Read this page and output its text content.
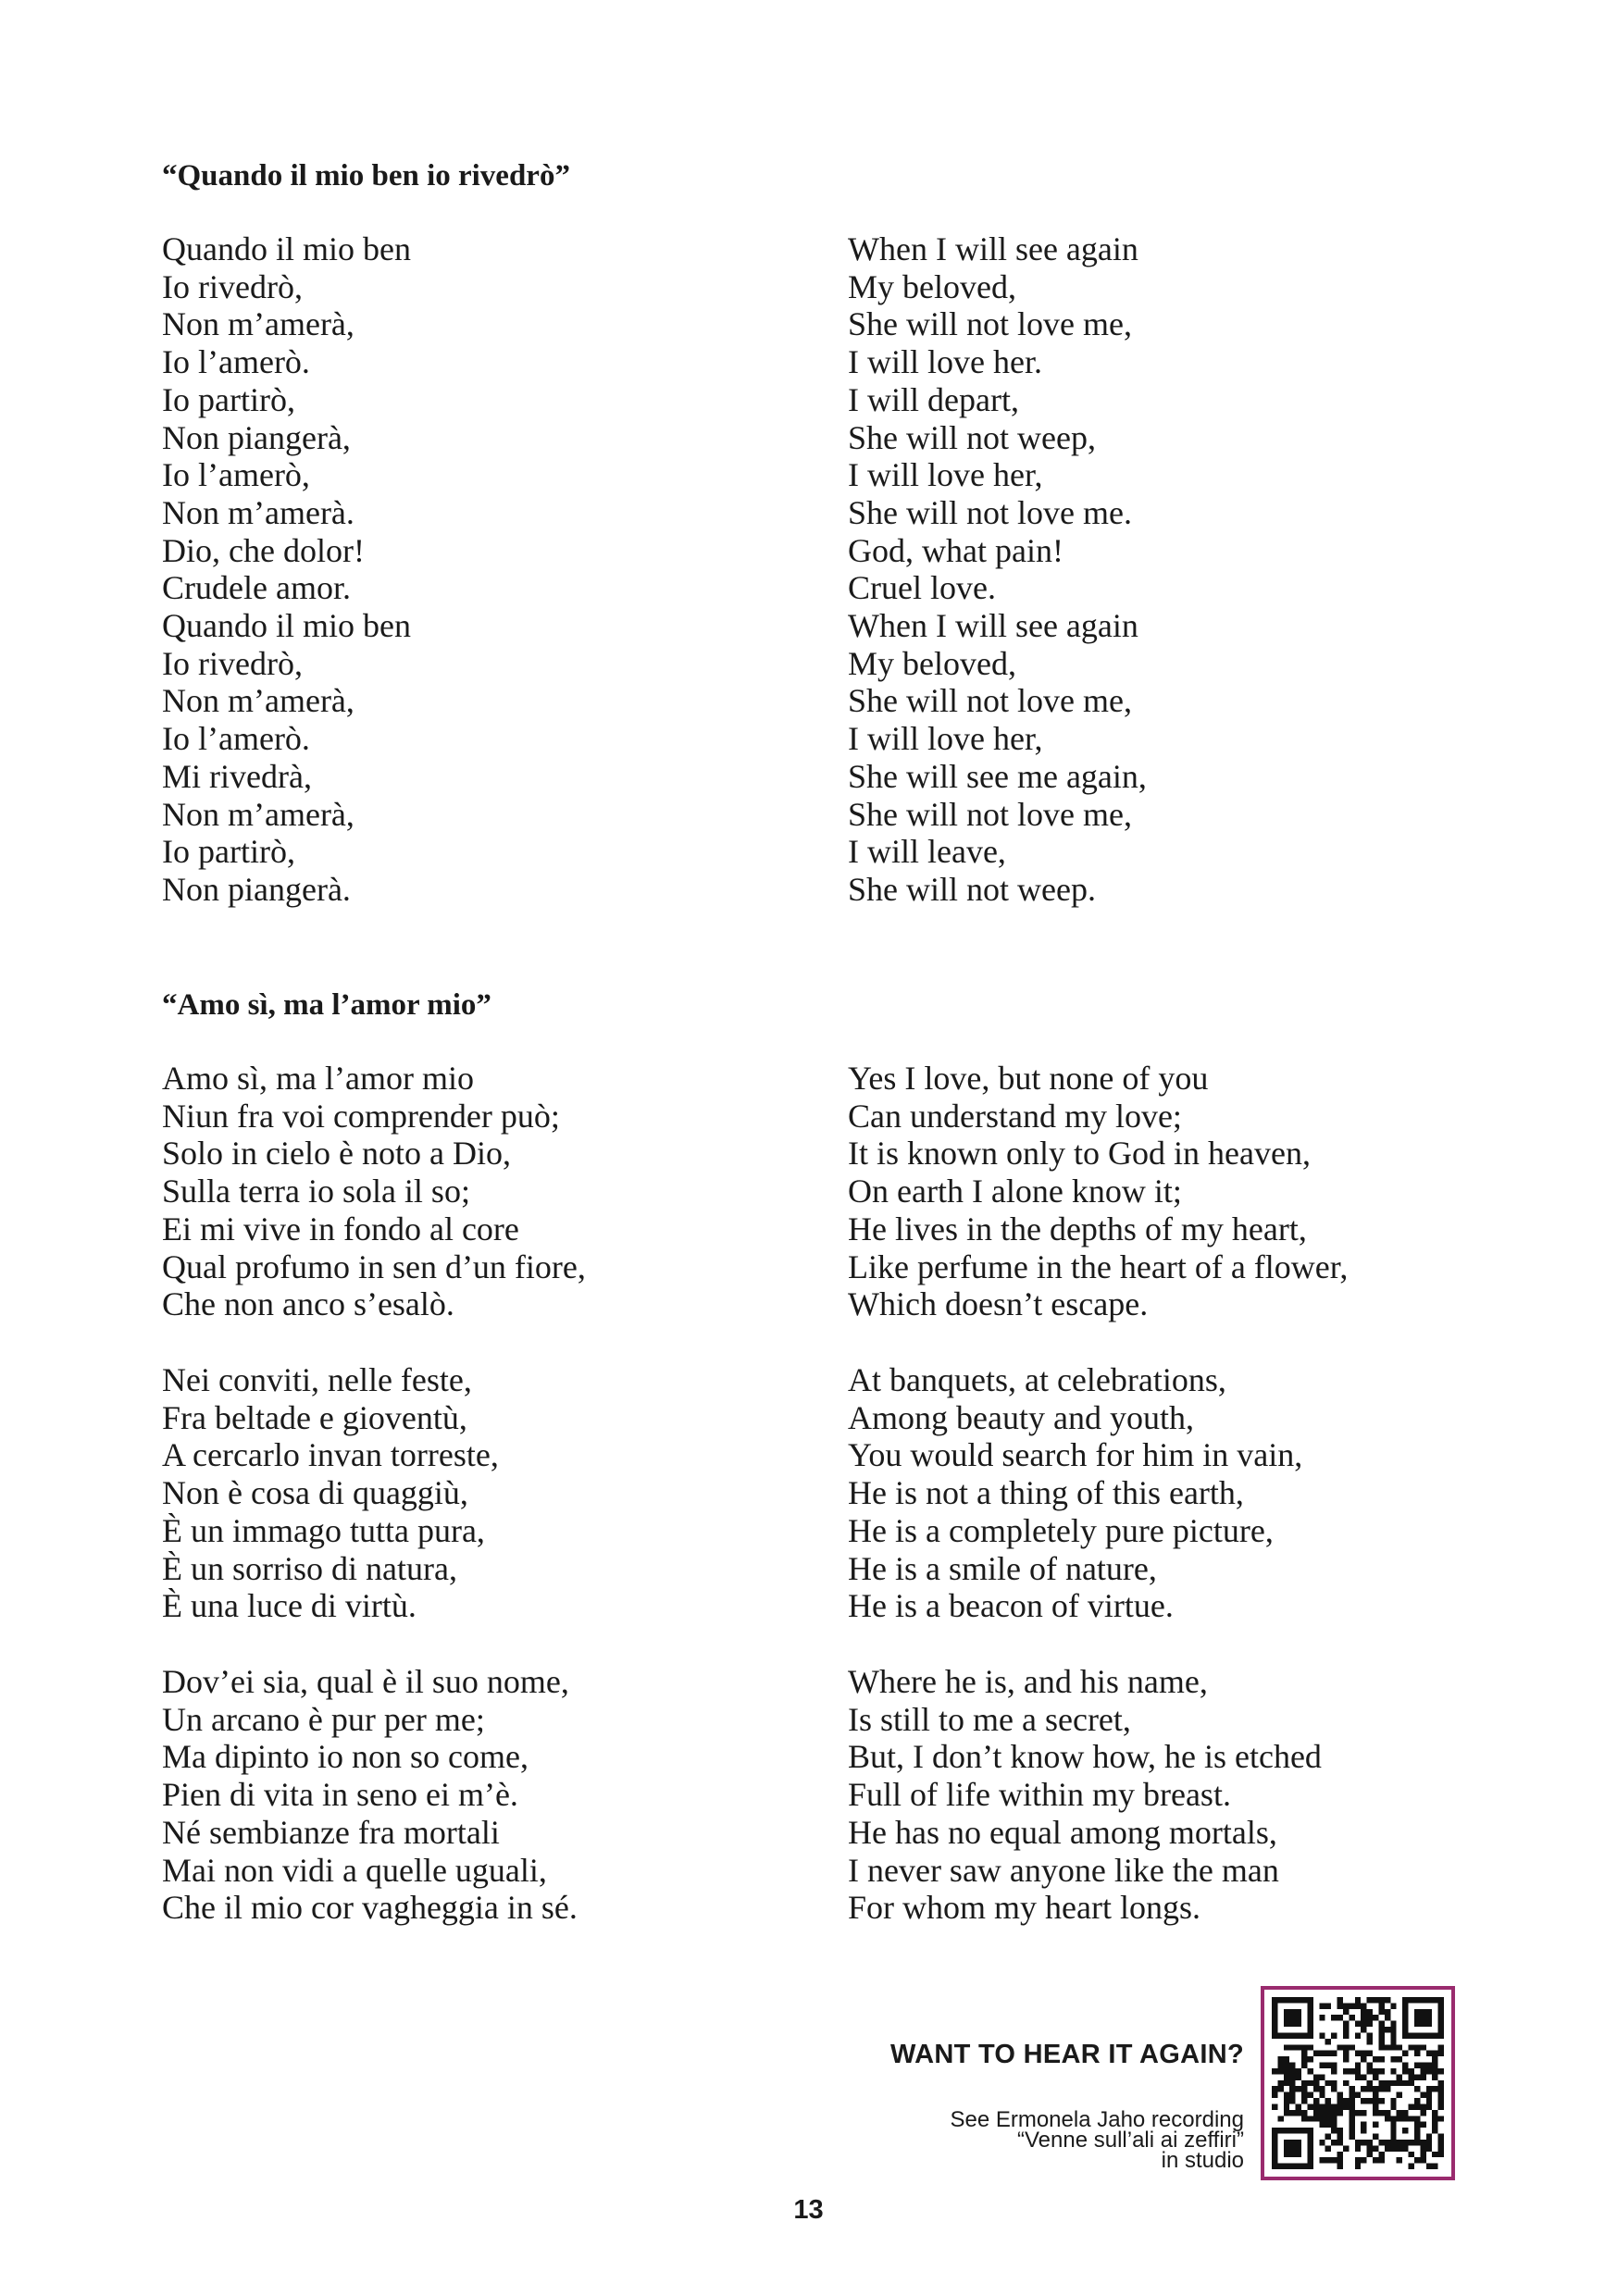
“Quando il mio ben io rivedrò”
Quando il mio ben
Io rivedrò,
Non m’amerà,
Io l’amerò.
Io partirò,
Non piangerà,
Io l’amerò,
Non m’amerà.
Dio, che dolor!
Crudele amor.
Quando il mio ben
Io rivedrò,
Non m’amerà,
Io l’amerò.
Mi rivedrà,
Non m’amerà,
Io partirò,
Non piangerà.
When I will see again
My beloved,
She will not love me,
I will love her.
I will depart,
She will not weep,
I will love her,
She will not love me.
God, what pain!
Cruel love.
When I will see again
My beloved,
She will not love me,
I will love her,
She will see me again,
She will not love me,
I will leave,
She will not weep.
“Amo sì, ma l’amor mio”
Amo sì, ma l’amor mio
Niun fra voi comprender può;
Solo in cielo è noto a Dio,
Sulla terra io sola il so;
Ei mi vive in fondo al core
Qual profumo in sen d’un fiore,
Che non anco s’esalò.
Yes I love, but none of you
Can understand my love;
It is known only to God in heaven,
On earth I alone know it;
He lives in the depths of my heart,
Like perfume in the heart of a flower,
Which doesn’t escape.
Nei conviti, nelle feste,
Fra beltade e gioventù,
A cercarlo invan torreste,
Non è cosa di quaggiù,
È un immago tutta pura,
È un sorriso di natura,
È una luce di virtù.
At banquets, at celebrations,
Among beauty and youth,
You would search for him in vain,
He is not a thing of this earth,
He is a completely pure picture,
He is a smile of nature,
He is a beacon of virtue.
Dov’ei sia, qual è il suo nome,
Un arcano è pur per me;
Ma dipinto io non so come,
Pien di vita in seno ei m’è.
Né sembianze fra mortali
Mai non vidi a quelle uguali,
Che il mio cor vagheggia in sé.
Where he is, and his name,
Is still to me a secret,
But, I don’t know how, he is etched
Full of life within my breast.
He has no equal among mortals,
I never saw anyone like the man
For whom my heart longs.
WANT TO HEAR IT AGAIN?
See Ermonela Jaho recording
“Venne sull’ali ai zeffiri”
in studio
13
